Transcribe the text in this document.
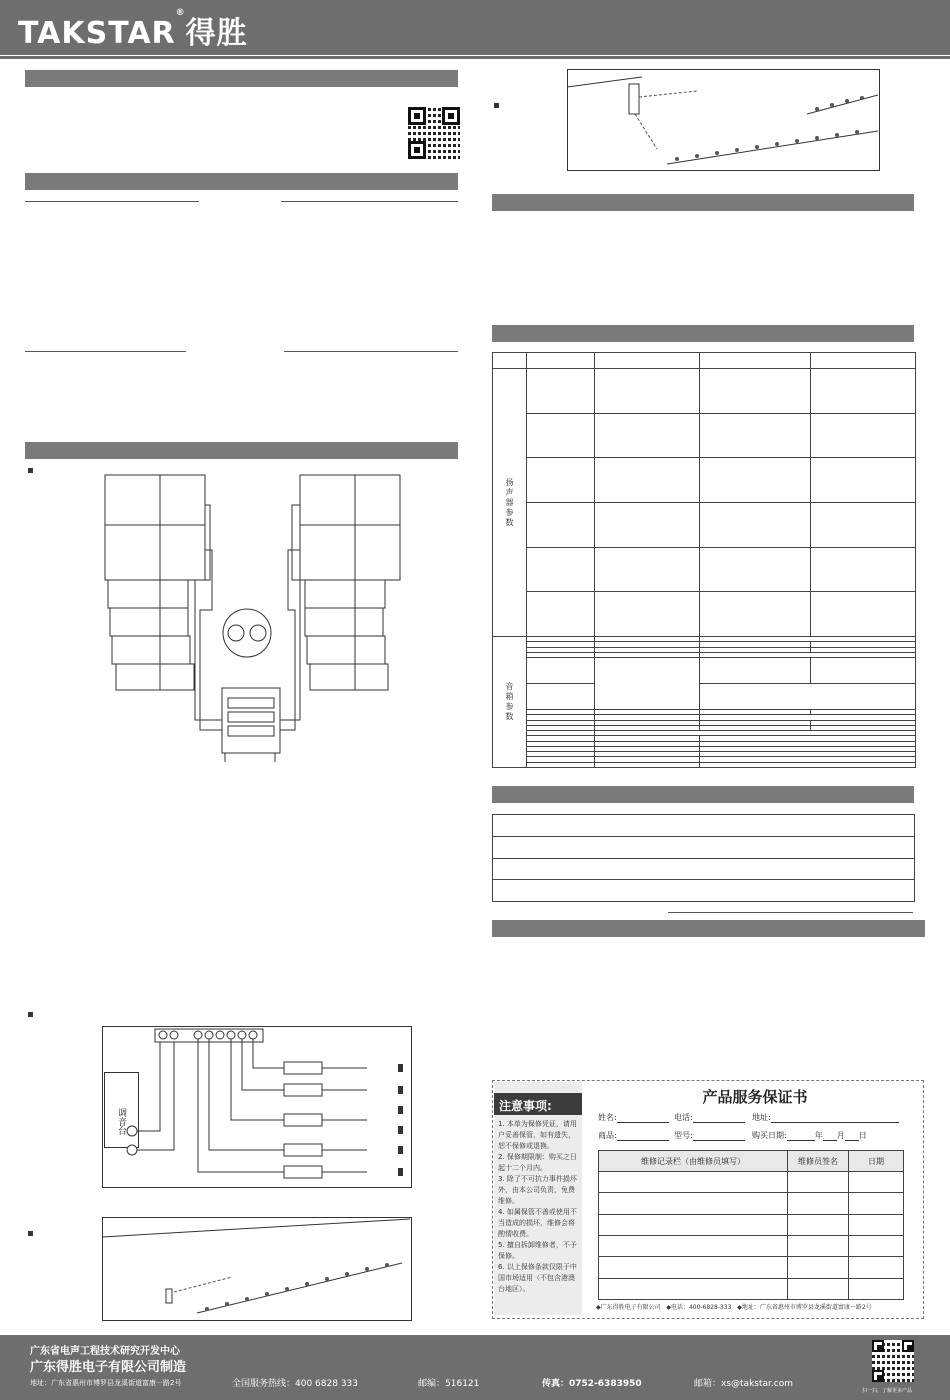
TAKSTAR®得胜
调音台

扬声器参数				

音箱参数				

注意事项:
1. 本单为保修凭证，请用户妥善保管，如有遗失，恕不保修或退换。
2. 保修期限制：购买之日起十二个月内。
3. 除了不可抗力事件损坏外，由本公司负责，免费维修。
4. 如属保管不善或使用不当造成的损坏，维修会将酌情收费。
5. 擅自拆卸维修者，不予保修。
6. 以上保修条款仅限于中国市场适用（不包含港澳台地区）。
产品服务保证书
姓名:	电话:	地址:
商品:	型号:	购买日期:	年 月 日
维修记录栏（由维修员填写）	维修员签名	日期

◆广东得胜电子有限公司 ◆电话：400-6828-333 ◆地址：广东省惠州市博罗县龙溪街道富康一路2号
广东省电声工程技术研究开发中心
广东得胜电子有限公司制造
地址：广东省惠州市博罗县龙溪街道富康一路2号	全国服务热线：400 6828 333	邮编：516121	传真：0752-6383950	邮箱：xs@takstar.com
扫一扫，了解更多产品
